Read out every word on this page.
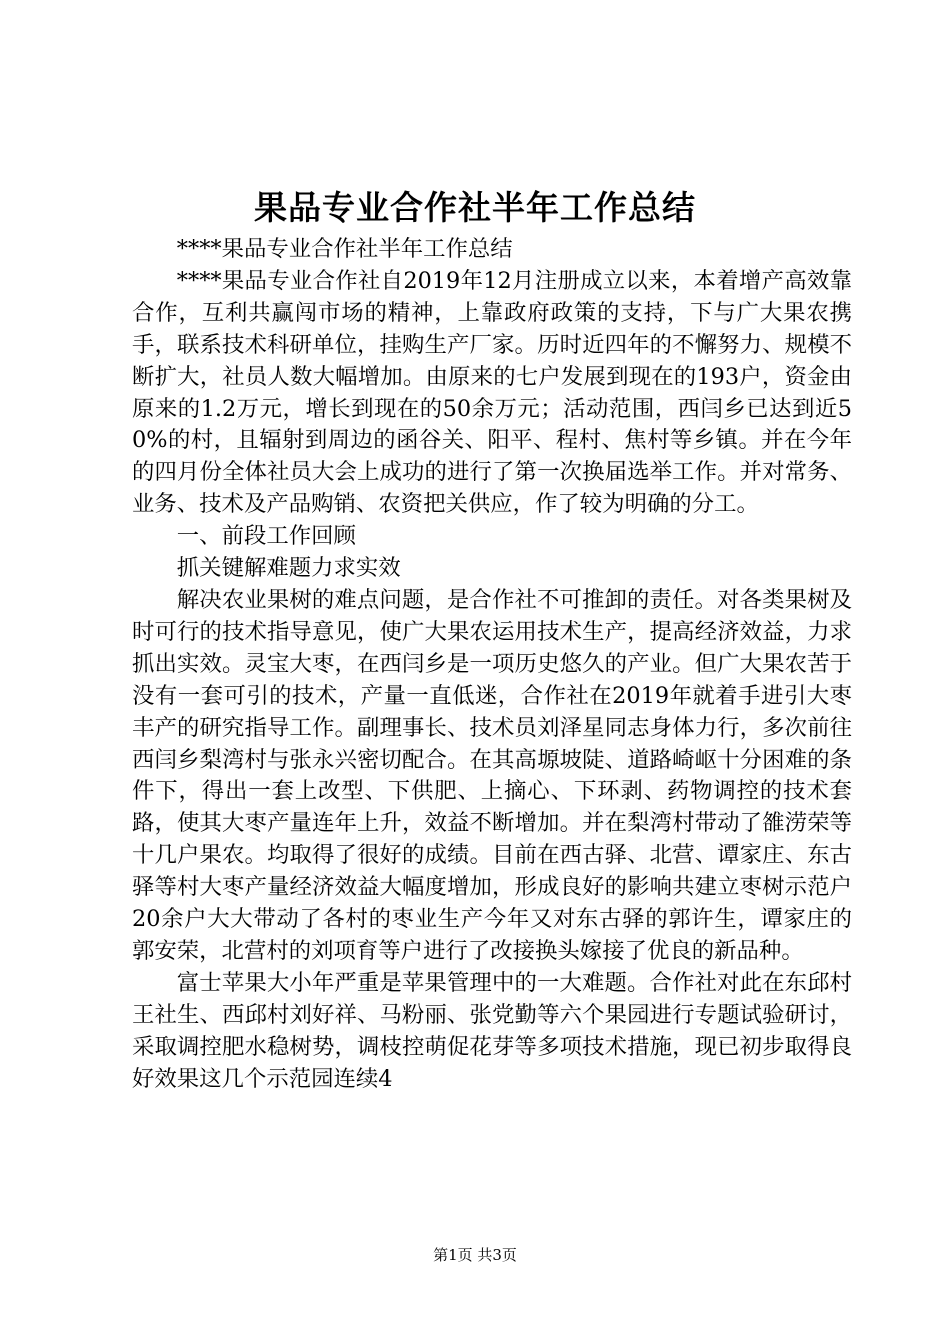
果品专业合作社半年工作总结

****果品专业合作社半年工作总结

****果品专业合作社自2019年12月注册成立以来，本着增产高效靠合作，互利共赢闯市场的精神，上靠政府政策的支持，下与广大果农携手，联系技术科研单位，挂购生产厂家。历时近四年的不懈努力、规模不断扩大，社员人数大幅增加。由原来的七户发展到现在的193户，资金由原来的1.2万元，增长到现在的50余万元；活动范围，西闫乡已达到近50%的村，且辐射到周边的函谷关、阳平、程村、焦村等乡镇。并在今年的四月份全体社员大会上成功的进行了第一次换届选举工作。并对常务、业务、技术及产品购销、农资把关供应，作了较为明确的分工。

一、前段工作回顾

抓关键解难题力求实效

解决农业果树的难点问题，是合作社不可推卸的责任。对各类果树及时可行的技术指导意见，使广大果农运用技术生产，提高经济效益，力求抓出实效。灵宝大枣，在西闫乡是一项历史悠久的产业。但广大果农苦于没有一套可引的技术，产量一直低迷，合作社在2019年就着手进引大枣丰产的研究指导工作。副理事长、技术员刘泽星同志身体力行，多次前往西闫乡梨湾村与张永兴密切配合。在其高塬坡陡、道路崎岖十分困难的条件下，得出一套上改型、下供肥、上摘心、下环剥、药物调控的技术套路，使其大枣产量连年上升，效益不断增加。并在梨湾村带动了雒涝荣等十几户果农。均取得了很好的成绩。目前在西古驿、北营、谭家庄、东古驿等村大枣产量经济效益大幅度增加，形成良好的影响共建立枣树示范户20余户大大带动了各村的枣业生产今年又对东古驿的郭许生，谭家庄的郭安荣，北营村的刘项育等户进行了改接换头嫁接了优良的新品种。

富士苹果大小年严重是苹果管理中的一大难题。合作社对此在东邱村王社生、西邱村刘好祥、马粉丽、张党勤等六个果园进行专题试验研讨，采取调控肥水稳树势，调枝控萌促花芽等多项技术措施，现已初步取得良好效果这几个示范园连续4

第1页 共3页
